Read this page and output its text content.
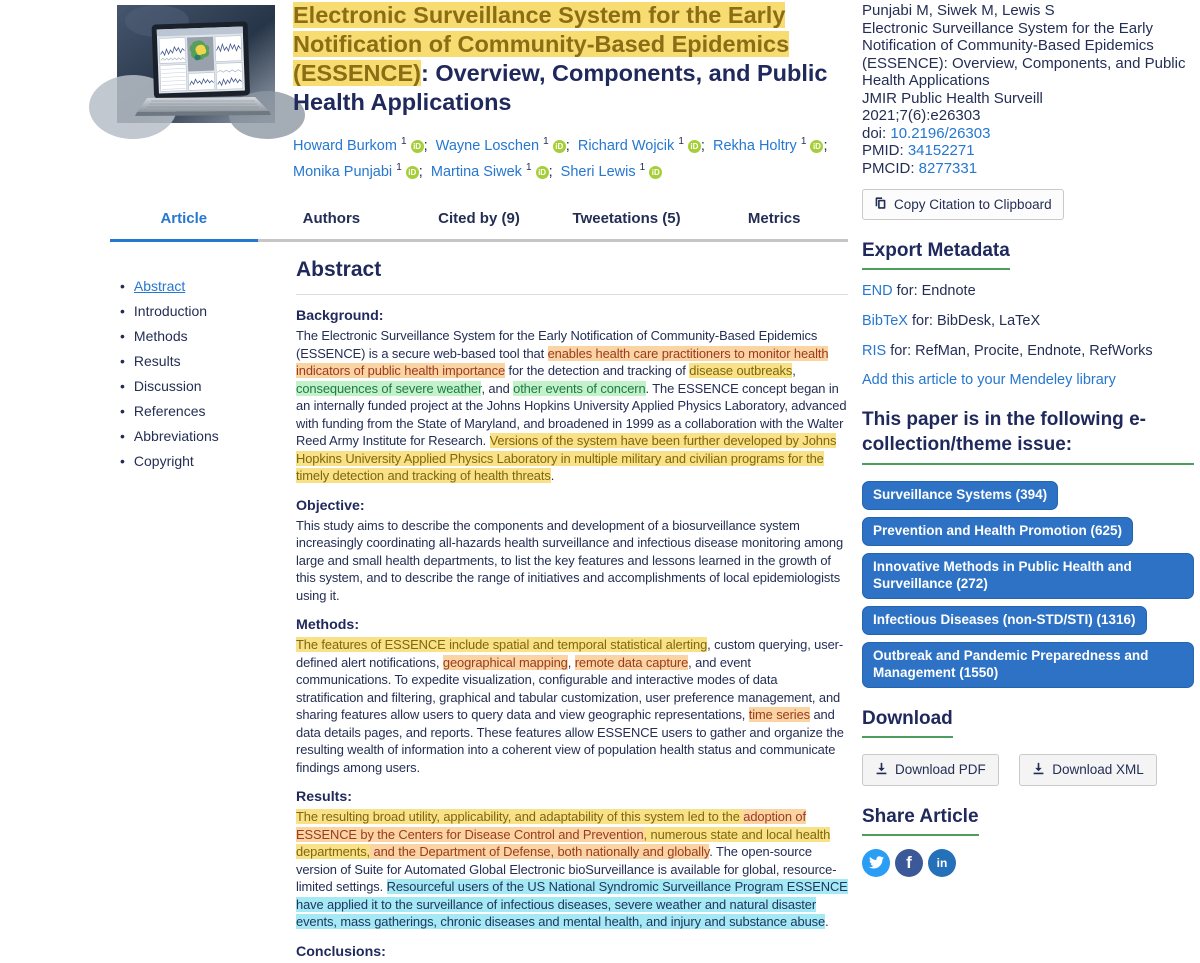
Electronic Surveillance System for the Early Notification of Community-Based Epidemics (ESSENCE): Overview, Components, and Public Health Applications
Howard Burkom $^1$ iD ;  Wayne Loschen $^1$ iD ;  Richard Wojcik $^1$ iD ;  Rekha Holtry $^1$ iD ;  Monika Punjabi $^1$ iD ;  Martina Siwek $^1$ iD ;  Sheri Lewis $^1$ iD
Article	Authors	Cited by (9)	Tweetations (5)	Metrics
• Abstract
• Introduction
• Methods
• Results
• Discussion
• References
• Abbreviations
• Copyright
Abstract
Background:

The Electronic Surveillance System for the Early Notification of Community-Based Epidemics (ESSENCE) is a secure web-based tool that enables health care practitioners to monitor health indicators of public health importance for the detection and tracking of disease outbreaks, consequences of severe weather, and other events of concern. The ESSENCE concept began in an internally funded project at the Johns Hopkins University Applied Physics Laboratory, advanced with funding from the State of Maryland, and broadened in 1999 as a collaboration with the Walter Reed Army Institute for Research. Versions of the system have been further developed by Johns Hopkins University Applied Physics Laboratory in multiple military and civilian programs for the timely detection and tracking of health threats.

Objective:

This study aims to describe the components and development of a biosurveillance system increasingly coordinating all-hazards health surveillance and infectious disease monitoring among large and small health departments, to list the key features and lessons learned in the growth of this system, and to describe the range of initiatives and accomplishments of local epidemiologists using it.

Methods:

The features of ESSENCE include spatial and temporal statistical alerting, custom querying, user-defined alert notifications, geographical mapping, remote data capture, and event communications. To expedite visualization, configurable and interactive modes of data stratification and filtering, graphical and tabular customization, user preference management, and sharing features allow users to query data and view geographic representations, time series and data details pages, and reports. These features allow ESSENCE users to gather and organize the resulting wealth of information into a coherent view of population health status and communicate findings among users.

Results:

The resulting broad utility, applicability, and adaptability of this system led to the adoption of ESSENCE by the Centers for Disease Control and Prevention, numerous state and local health departments, and the Department of Defense, both nationally and globally. The open-source version of Suite for Automated Global Electronic bioSurveillance is available for global, resource-limited settings. Resourceful users of the US National Syndromic Surveillance Program ESSENCE have applied it to the surveillance of infectious diseases, severe weather and natural disaster events, mass gatherings, chronic diseases and mental health, and injury and substance abuse.

Conclusions:
Punjabi M, Siwek M, Lewis S
Electronic Surveillance System for the Early Notification of Community-Based Epidemics (ESSENCE): Overview, Components, and Public Health Applications
JMIR Public Health Surveill
2021;7(6):e26303
doi: 10.2196/26303
PMID: 34152271
PMCID: 8277331
Copy Citation to Clipboard
Export Metadata
END for: Endnote
BibTeX for: BibDesk, LaTeX
RIS for: RefMan, Procite, Endnote, RefWorks
Add this article to your Mendeley library
This paper is in the following e-collection/theme issue:
Surveillance Systems (394)
Prevention and Health Promotion (625)
Innovative Methods in Public Health and Surveillance (272)
Infectious Diseases (non-STD/STI) (1316)
Outbreak and Pandemic Preparedness and Management (1550)
Download
Download PDF
	Download XML
Share Article
f in
